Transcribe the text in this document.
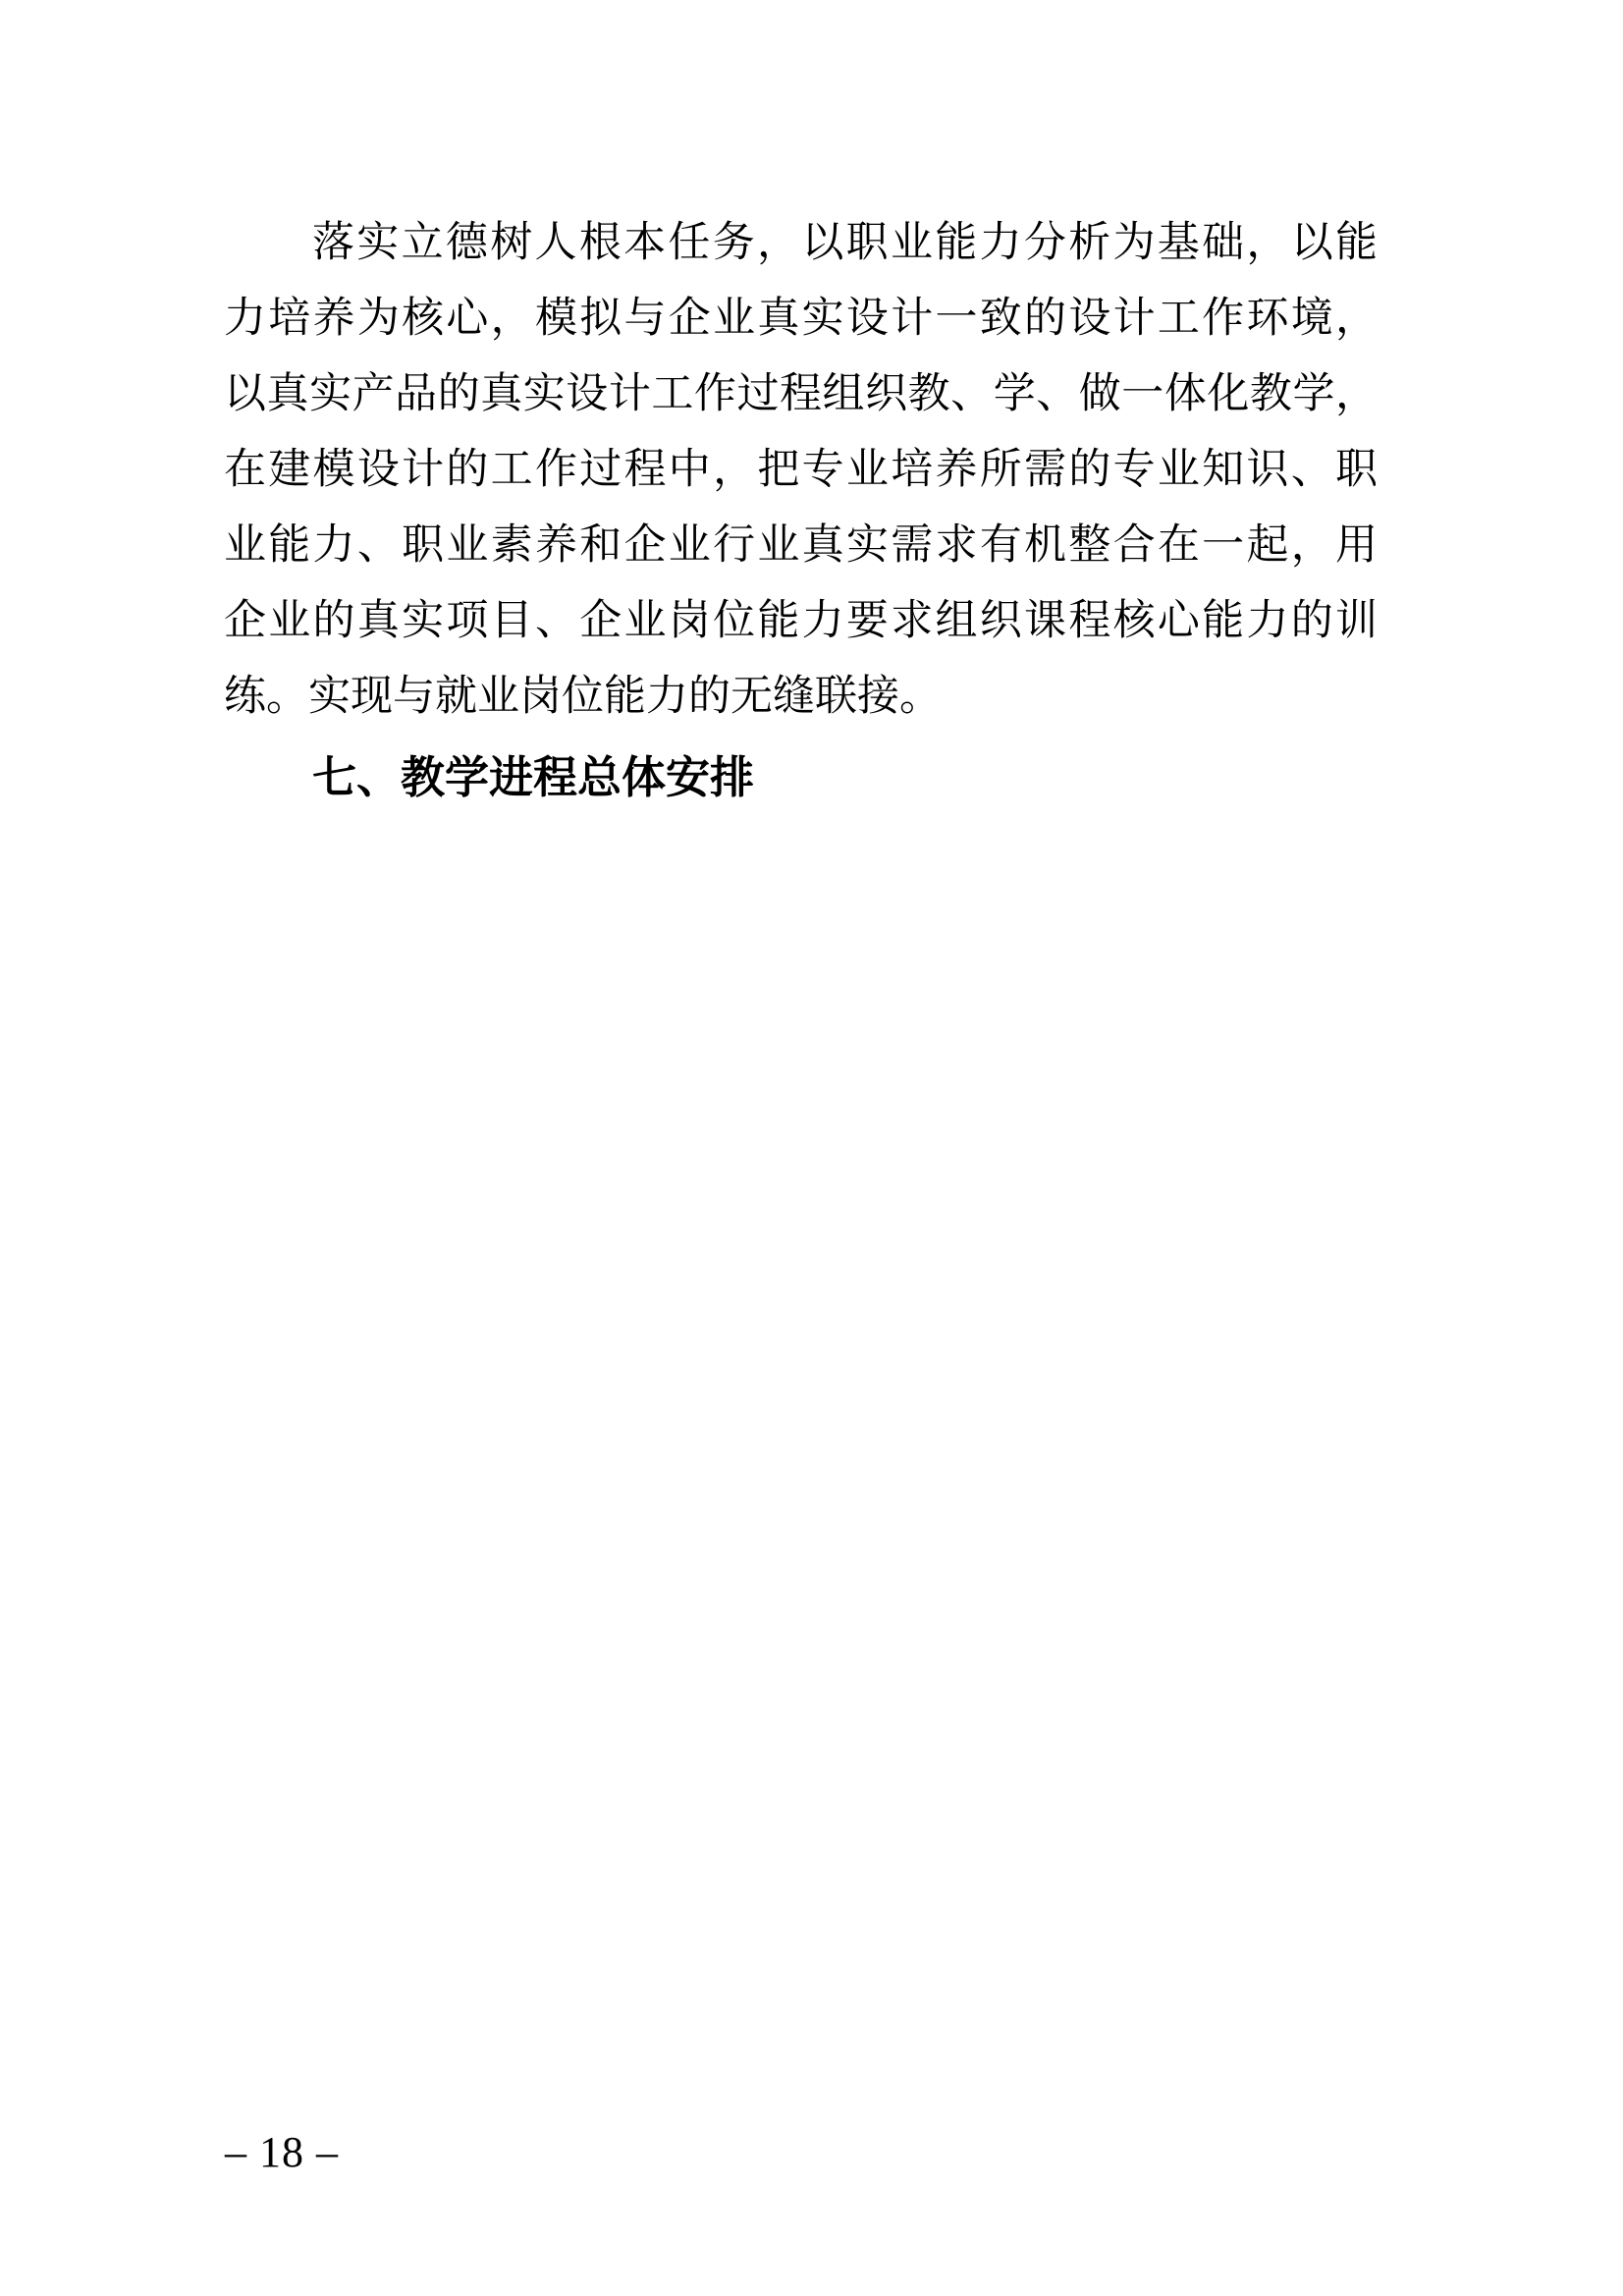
落实立德树人根本任务，以职业能力分析为基础，以能
力培养为核心，模拟与企业真实设计一致的设计工作环境，
以真实产品的真实设计工作过程组织教、学、做一体化教学，
在建模设计的工作过程中，把专业培养所需的专业知识、职
业能力、职业素养和企业行业真实需求有机整合在一起，用
企业的真实项目、企业岗位能力要求组织课程核心能力的训
练。实现与就业岗位能力的无缝联接。
七、教学进程总体安排
– 18 –
